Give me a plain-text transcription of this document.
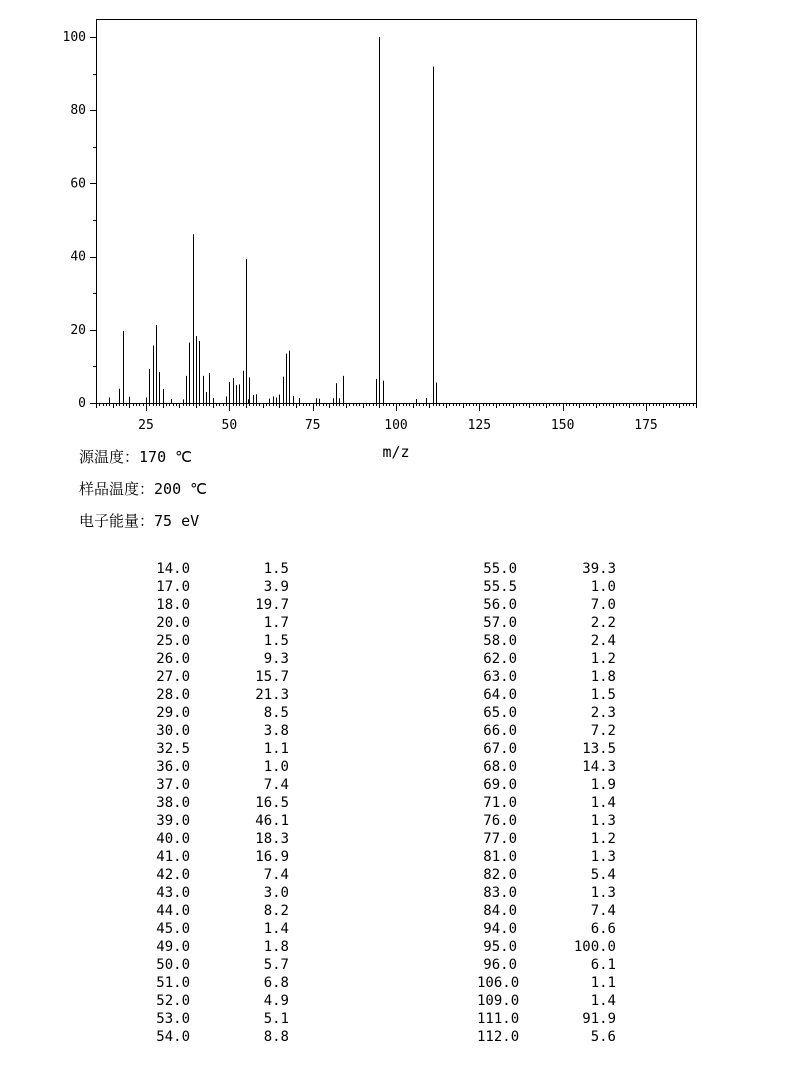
0
20
40
60
80
100
25	50	75	100	125	150	175
m/z
源温度：170 ℃
样品温度：200 ℃
电子能量：75 eV
14.0	1.5
17.0	3.9
18.0	19.7
20.0	1.7
25.0	1.5
26.0	9.3
27.0	15.7
28.0	21.3
29.0	8.5
30.0	3.8
32.5	1.1
36.0	1.0
37.0	7.4
38.0	16.5
39.0	46.1
40.0	18.3
41.0	16.9
42.0	7.4
43.0	3.0
44.0	8.2
45.0	1.4
49.0	1.8
50.0	5.7
51.0	6.8
52.0	4.9
53.0	5.1
54.0	8.8
55.0	39.3
55.5	1.0
56.0	7.0
57.0	2.2
58.0	2.4
62.0	1.2
63.0	1.8
64.0	1.5
65.0	2.3
66.0	7.2
67.0	13.5
68.0	14.3
69.0	1.9
71.0	1.4
76.0	1.3
77.0	1.2
81.0	1.3
82.0	5.4
83.0	1.3
84.0	7.4
94.0	6.6
95.0	100.0
96.0	6.1
106.0	1.1
109.0	1.4
111.0	91.9
112.0	5.6
